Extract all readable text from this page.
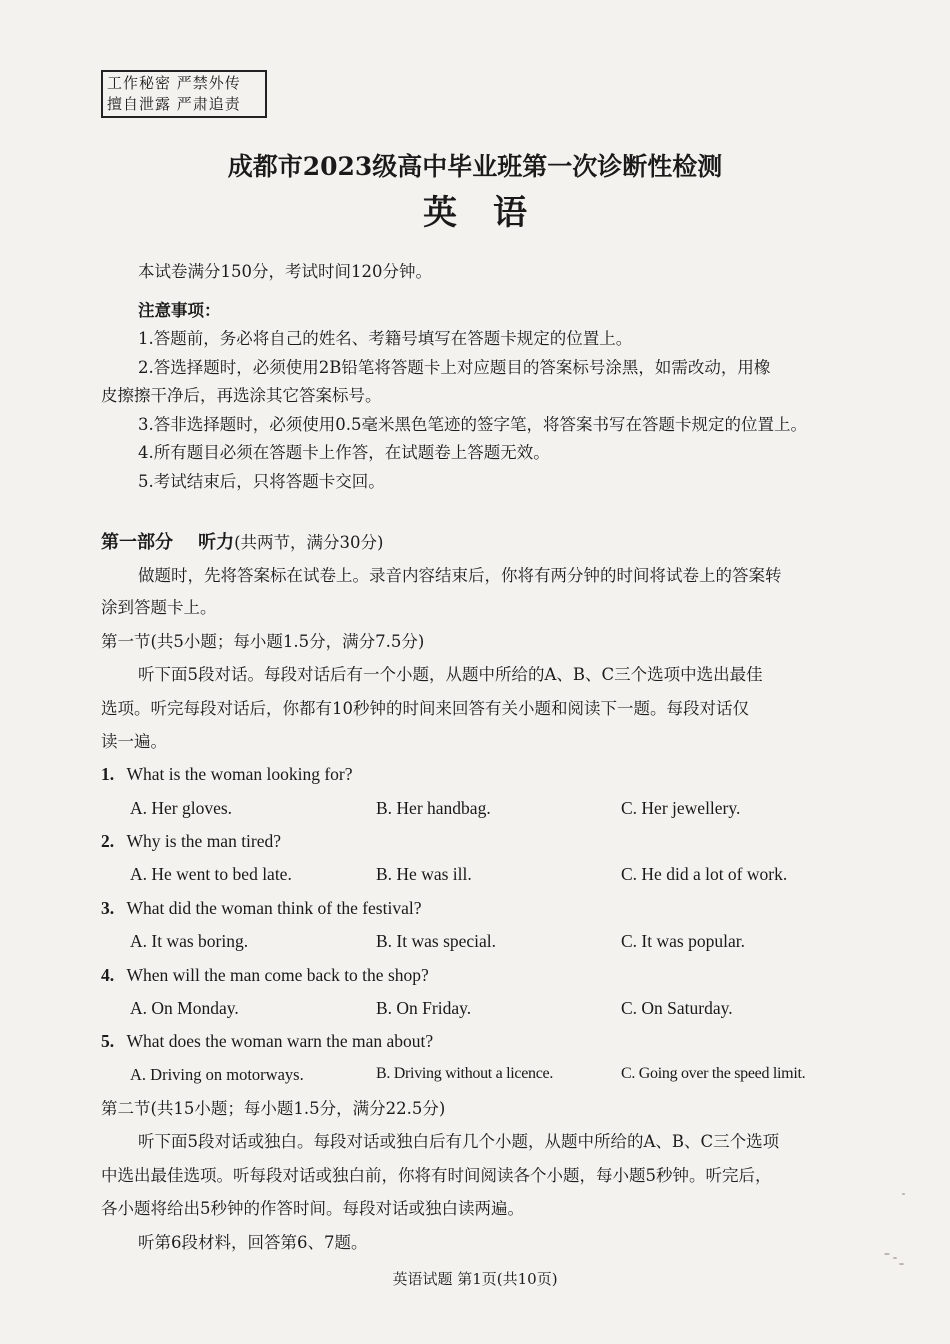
工作秘密 严禁外传
擅自泄露 严肃追责
成都市2023级高中毕业班第一次诊断性检测
英语
本试卷满分150分，考试时间120分钟。
注意事项：
1.答题前，务必将自己的姓名、考籍号填写在答题卡规定的位置上。
2.答选择题时，必须使用2B铅笔将答题卡上对应题目的答案标号涂黑，如需改动，用橡
皮擦擦干净后，再选涂其它答案标号。
3.答非选择题时，必须使用0.5毫米黑色笔迹的签字笔，将答案书写在答题卡规定的位置上。
4.所有题目必须在答题卡上作答，在试题卷上答题无效。
5.考试结束后，只将答题卡交回。
第一部分 听力(共两节，满分30分)
做题时，先将答案标在试卷上。录音内容结束后，你将有两分钟的时间将试卷上的答案转
涂到答题卡上。
第一节(共5小题；每小题1.5分，满分7.5分)
听下面5段对话。每段对话后有一个小题，从题中所给的A、B、C三个选项中选出最佳
选项。听完每段对话后，你都有10秒钟的时间来回答有关小题和阅读下一题。每段对话仅
读一遍。
1. What is the woman looking for?
A. Her gloves.	B. Her handbag.	C. Her jewellery.
2. Why is the man tired?
A. He went to bed late.	B. He was ill.	C. He did a lot of work.
3. What did the woman think of the festival?
A. It was boring.	B. It was special.	C. It was popular.
4. When will the man come back to the shop?
A. On Monday.	B. On Friday.	C. On Saturday.
5. What does the woman warn the man about?
A. Driving on motorways.	B. Driving without a licence.	C. Going over the speed limit.
第二节(共15小题；每小题1.5分，满分22.5分)
听下面5段对话或独白。每段对话或独白后有几个小题，从题中所给的A、B、C三个选项
中选出最佳选项。听每段对话或独白前，你将有时间阅读各个小题，每小题5秒钟。听完后，
各小题将给出5秒钟的作答时间。每段对话或独白读两遍。
听第6段材料，回答第6、7题。
英语试题 第1页(共10页)
